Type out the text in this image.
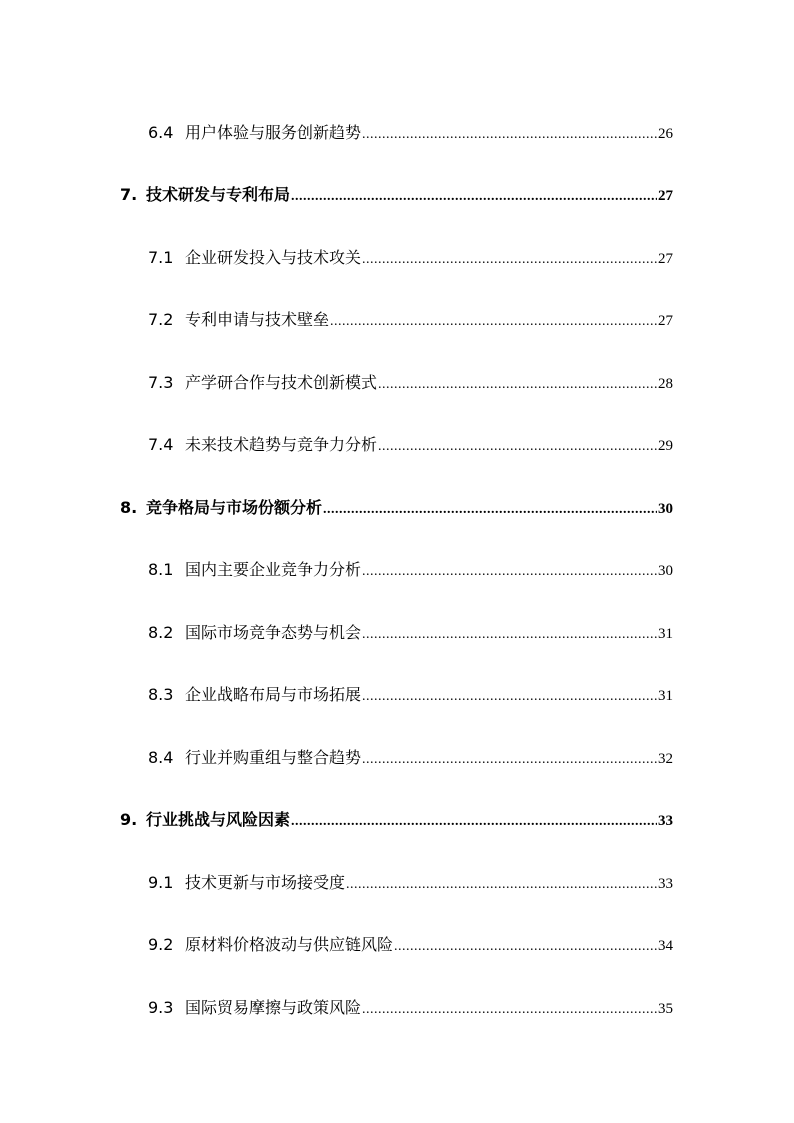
6.4 用户体验与服务创新趋势 .....	26
7. 技术研发与专利布局 .....	27
7.1 企业研发投入与技术攻关 .....	27
7.2 专利申请与技术壁垒 .....	27
7.3 产学研合作与技术创新模式 .....	28
7.4 未来技术趋势与竞争力分析 .....	29
8. 竞争格局与市场份额分析 .....	30
8.1 国内主要企业竞争力分析 .....	30
8.2 国际市场竞争态势与机会 .....	31
8.3 企业战略布局与市场拓展 .....	31
8.4 行业并购重组与整合趋势 .....	32
9. 行业挑战与风险因素 .....	33
9.1 技术更新与市场接受度 .....	33
9.2 原材料价格波动与供应链风险 .....	34
9.3 国际贸易摩擦与政策风险 .....	35
